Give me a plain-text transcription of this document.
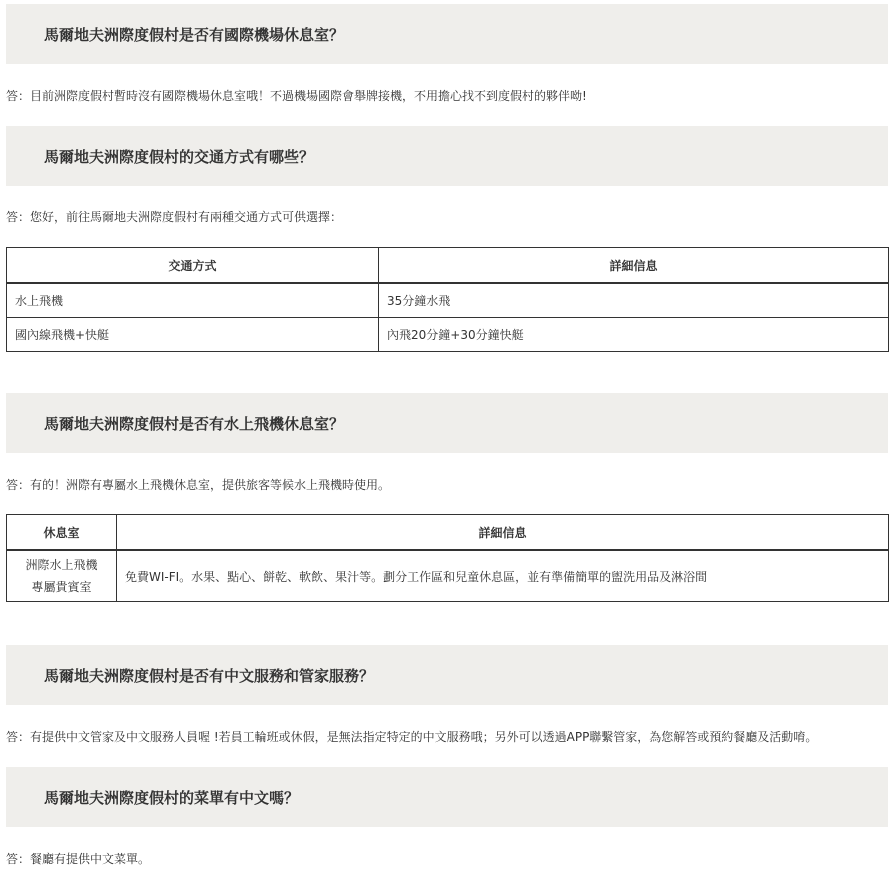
馬爾地夫洲際度假村是否有國際機場休息室？
答：目前洲際度假村暫時沒有國際機場休息室哦！不過機場國際會舉牌接機，不用擔心找不到度假村的夥伴呦!
馬爾地夫洲際度假村的交通方式有哪些？
答：您好，前往馬爾地夫洲際度假村有兩種交通方式可供選擇：
交通方式	詳細信息
水上飛機	35分鐘水飛
國內線飛機+快艇	內飛20分鐘+30分鐘快艇
馬爾地夫洲際度假村是否有水上飛機休息室？
答：有的！洲際有專屬水上飛機休息室，提供旅客等候水上飛機時使用。
休息室	詳細信息

洲際水上飛機
專屬貴賓室	免費WI-FI。水果、點心、餅乾、軟飲、果汁等。劃分工作區和兒童休息區，並有準備簡單的盥洗用品及淋浴間
馬爾地夫洲際度假村是否有中文服務和管家服務？
答：有提供中文管家及中文服務人員喔 !若員工輪班或休假，是無法指定特定的中文服務哦；另外可以透過APP聯繫管家，為您解答或預約餐廳及活動唷。
馬爾地夫洲際度假村的菜單有中文嗎？
答：餐廳有提供中文菜單。
